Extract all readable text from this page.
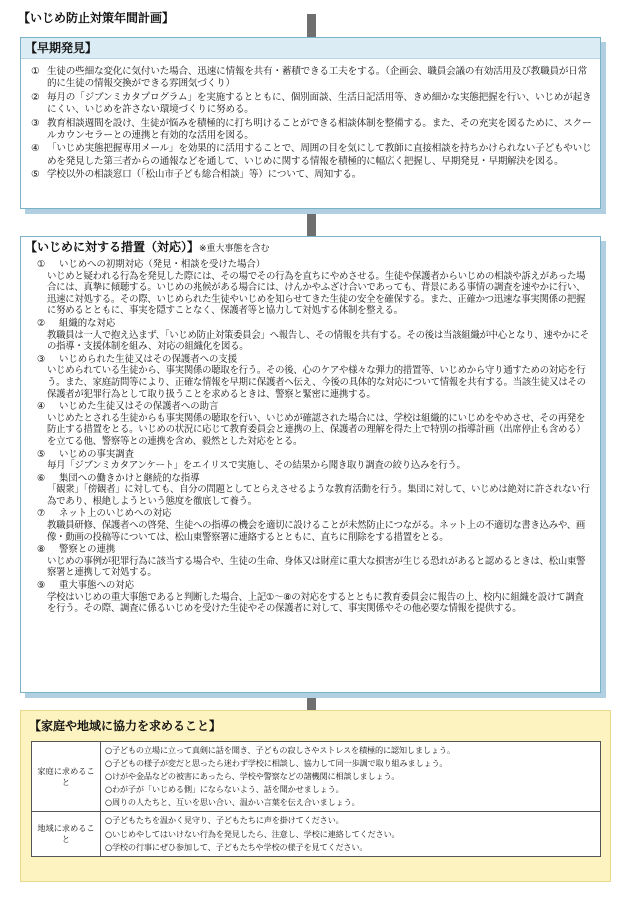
【いじめ防止対策年間計画】
【早期発見】
① 生徒の些細な変化に気付いた場合、迅速に情報を共有・蓄積できる工夫をする。（企画会、職員会議の有効活用及び教職員が日常的に生徒の情報交換ができる雰囲気づくり）
② 毎月の「ジブンミカタプログラム」を実施するとともに、個別面談、生活日記活用等、きめ細かな実態把握を行い、いじめが起きにくい、いじめを許さない環境づくりに努める。
③ 教育相談週間を設け、生徒が悩みを積極的に打ち明けることができる相談体制を整備する。また、その充実を図るために、スクールカウンセラーとの連携と有効的な活用を図る。
④ 「いじめ実態把握専用メール」を効果的に活用することで、周囲の目を気にして教師に直接相談を持ちかけられない子どもやいじめを発見した第三者からの通報などを通して、いじめに関する情報を積極的に幅広く把握し、早期発見・早期解決を図る。
⑤ 学校以外の相談窓口（「松山市子ども総合相談」等）について、周知する。
【いじめに対する措置（対応）】※重大事態を含む
①	いじめへの初期対応（発見・相談を受けた場合）
いじめと疑われる行為を発見した際には、その場でその行為を直ちにやめさせる。生徒や保護者からいじめの相談や訴えがあった場合には、真摯に傾聴する。いじめの兆候がある場合には、けんかやふざけ合いであっても、背景にある事情の調査を速やかに行い、迅速に対処する。その際、いじめられた生徒やいじめを知らせてきた生徒の安全を確保する。また、正確かつ迅速な事実関係の把握に努めるとともに、事実を隠すことなく、保護者等と協力して対処する体制を整える。
②	組織的な対応
教職員は一人で抱え込まず、「いじめ防止対策委員会」へ報告し、その情報を共有する。その後は当該組織が中心となり、速やかにその指導・支援体制を組み、対応の組織化を図る。
③	いじめられた生徒又はその保護者への支援
いじめられている生徒から、事実関係の聴取を行う。その後、心のケアや様々な弾力的措置等、いじめから守り通すための対応を行う。また、家庭訪問等により、正確な情報を早期に保護者へ伝え、今後の具体的な対応について情報を共有する。当該生徒又はその保護者が犯罪行為として取り扱うことを求めるときは、警察と緊密に連携する。
④	いじめた生徒又はその保護者への助言
いじめたとされる生徒からも事実関係の聴取を行い、いじめが確認された場合には、学校は組織的にいじめをやめさせ、その再発を防止する措置をとる。いじめの状況に応じて教育委員会と連携の上、保護者の理解を得た上で特別の指導計画（出席停止も含める）を立てる他、警察等との連携を含め、毅然とした対応をとる。
⑤	いじめの事実調査
毎月「ジブンミカタアンケート」をエイリスで実施し、その結果から聞き取り調査の絞り込みを行う。
⑥	集団への働きかけと継続的な指導
「観衆」「傍観者」に対しても、自分の問題としてとらえさせるような教育活動を行う。集団に対して、いじめは絶対に許されない行為であり、根絶しようという態度を徹底して養う。
⑦	ネット上のいじめへの対応
教職員研修、保護者への啓発、生徒への指導の機会を適切に設けることが未然防止につながる。ネット上の不適切な書き込みや、画像・動画の投稿等については、松山東警察署に連絡するとともに、直ちに削除をする措置をとる。
⑧	警察との連携
いじめの事例が犯罪行為に該当する場合や、生徒の生命、身体又は財産に重大な損害が生じる恐れがあると認めるときは、松山東警察署と連携して対処する。
⑨	重大事態への対応
学校はいじめの重大事態であると判断した場合、上記①〜⑧の対応をするとともに教育委員会に報告の上、校内に組織を設けて調査を行う。その際、調査に係るいじめを受けた生徒やその保護者に対して、事実関係やその他必要な情報を提供する。
【家庭や地域に協力を求めること】
家庭に求めること	○子どもの立場に立って真剣に話を聞き、子どもの寂しさやストレスを積極的に認知しましょう。
○子どもの様子が変だと思ったら迷わず学校に相談し、協力して同一歩調で取り組みましょう。
○けがや金品などの被害にあったら、学校や警察などの諸機関に相談しましょう。
○わが子が「いじめる側」にならないよう、話を聞かせましょう。
○周りの人たちと、互いを思い合い、温かい言葉を伝え合いましょう。

地域に求めること	○子どもたちを温かく見守り、子どもたちに声を掛けてください。
○いじめやしてはいけない行為を発見したら、注意し、学校に連絡してください。
○学校の行事にぜひ参加して、子どもたちや学校の様子を見てください。
